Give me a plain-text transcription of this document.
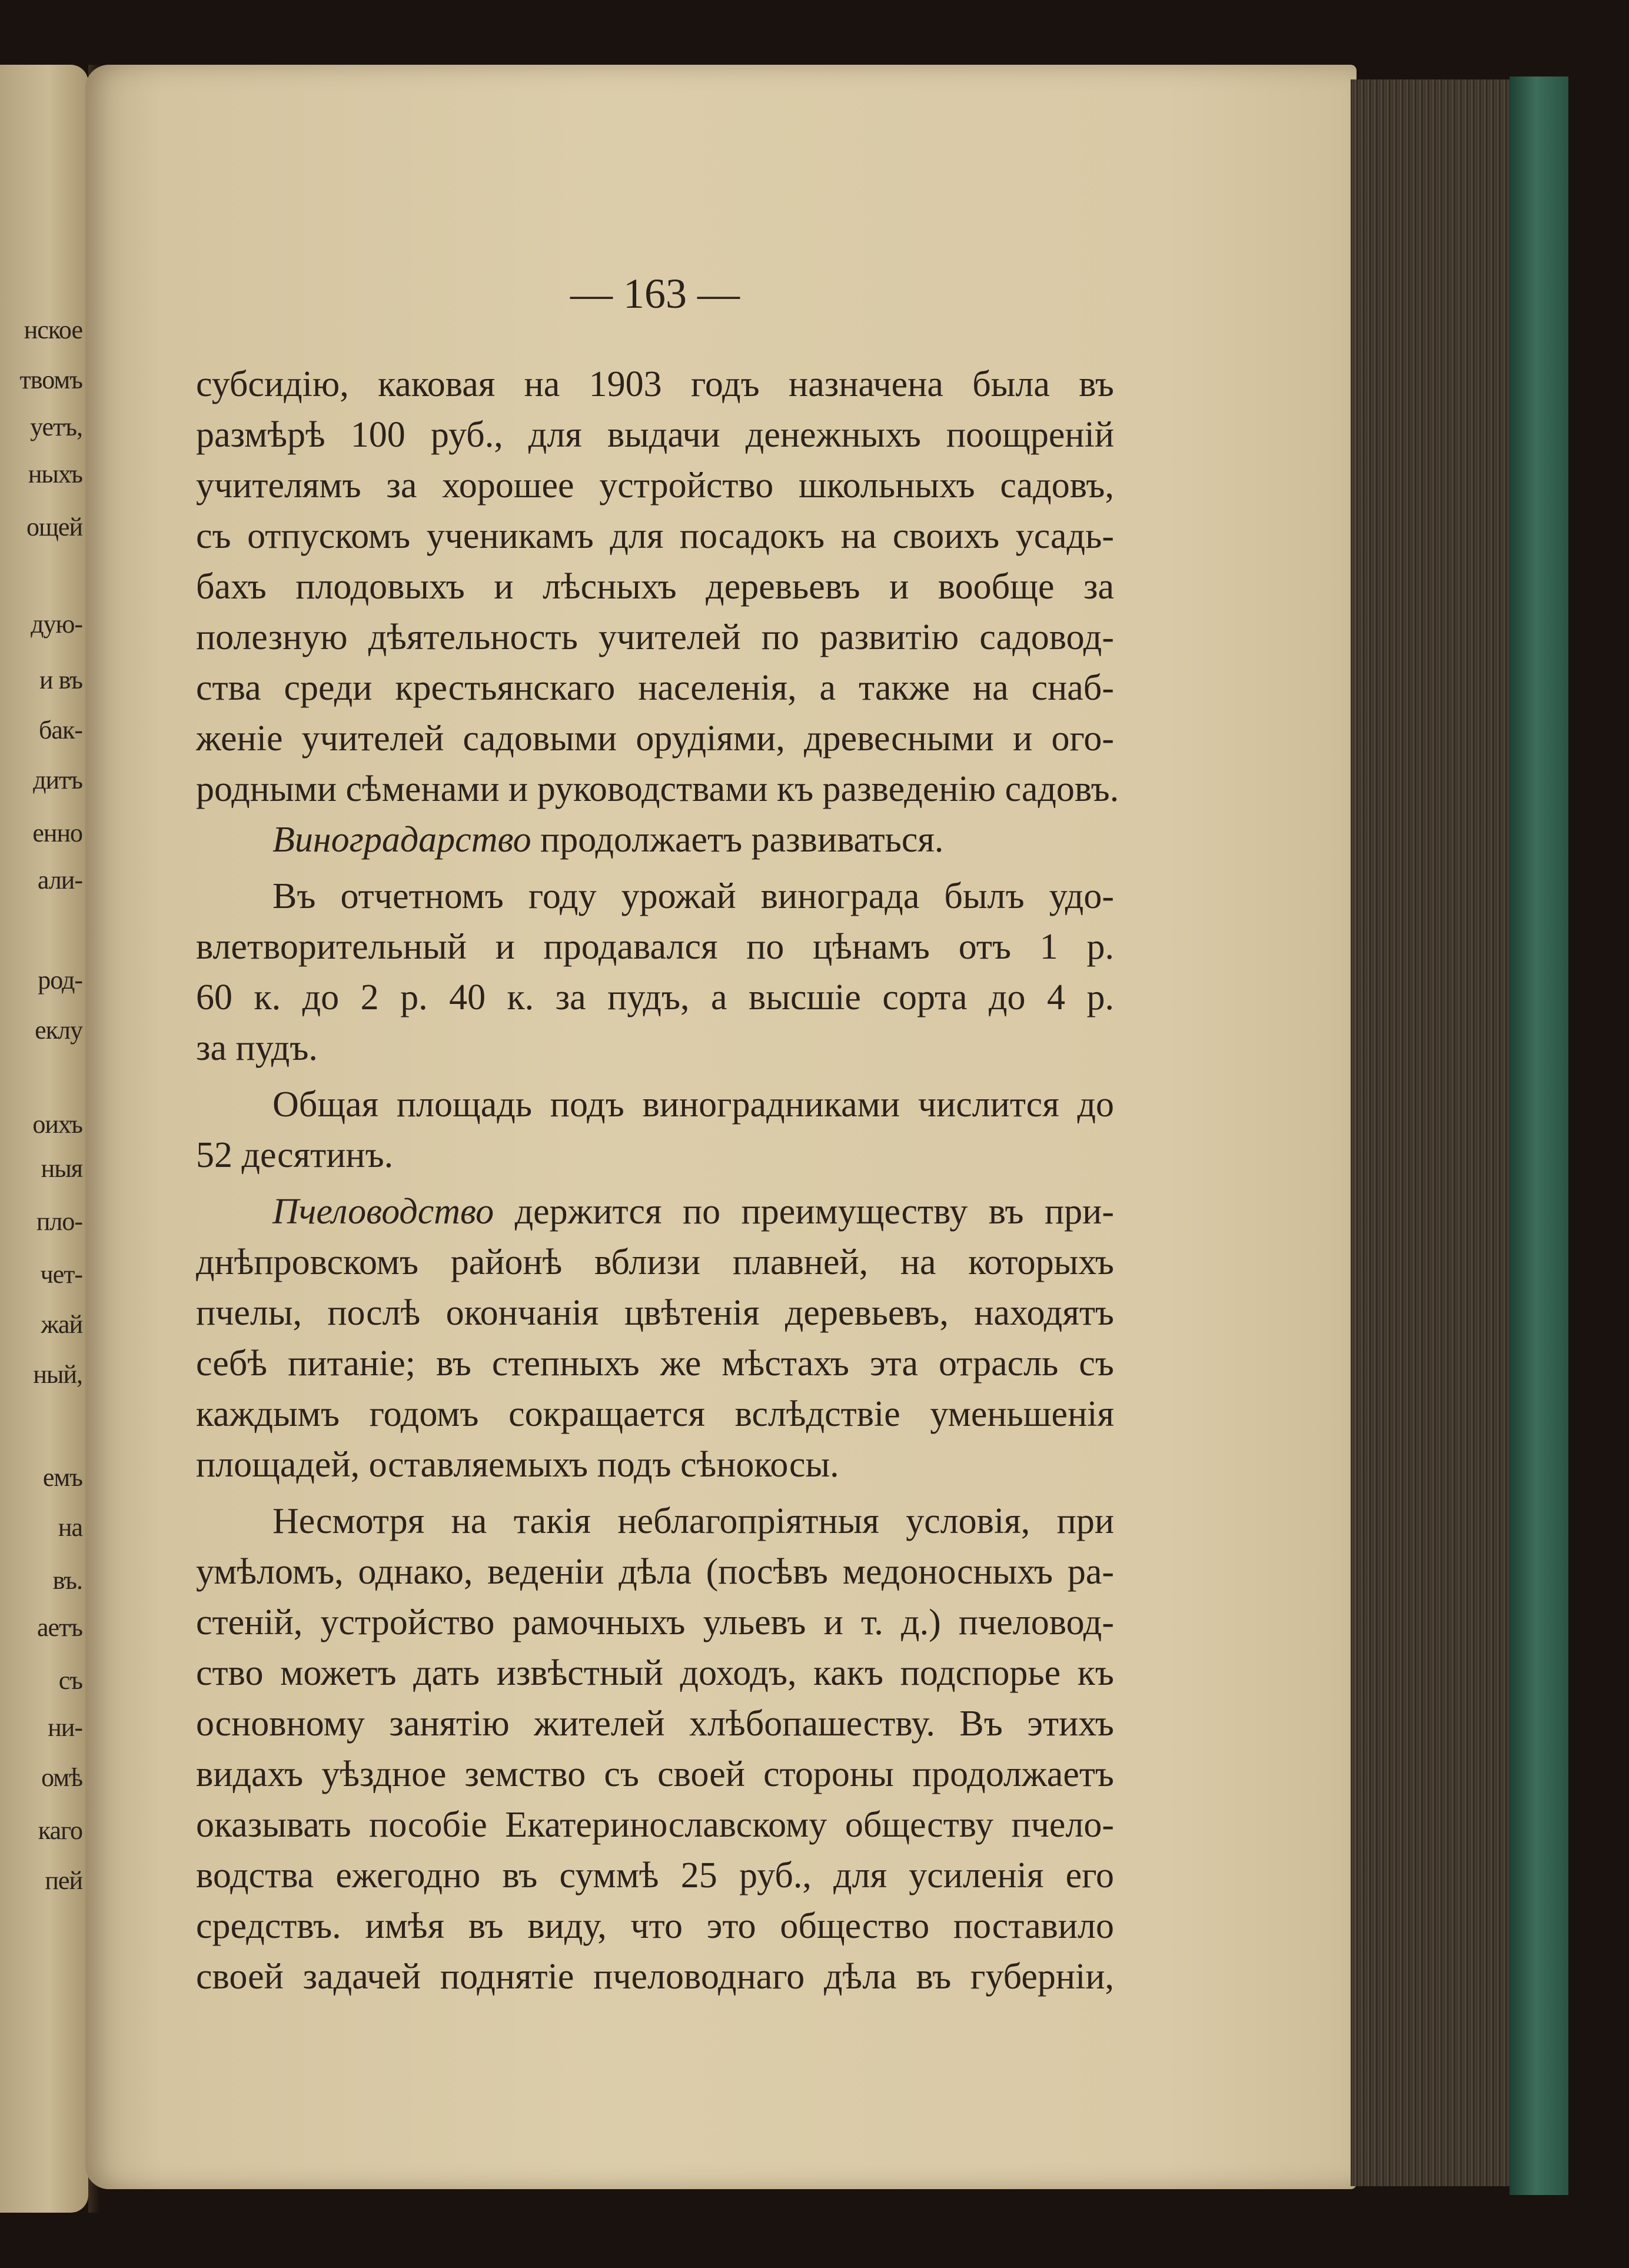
нское
твомъ
уетъ,
ныхъ
ощей
дую-
и въ
бак-
дитъ
енно
али-
род-
еклу
оихъ
ныя
пло-
чет-
жай
ный,
емъ
на
въ.
аетъ
съ
ни-
омѣ
каго
пей
— 163 —
субсидію, каковая на 1903 годъ назначена была въ
размѣрѣ 100 руб., для выдачи денежныхъ поощреній
учителямъ за хорошее устройство школьныхъ садовъ,
съ отпускомъ ученикамъ для посадокъ на своихъ усадь-
бахъ плодовыхъ и лѣсныхъ деревьевъ и вообще за
полезную дѣятельность учителей по развитію садовод-
ства среди крестьянскаго населенія, а также на снаб-
женіе учителей садовыми орудіями, древесными и ого-
родными сѣменами и руководствами къ разведенію садовъ.
Виноградарство продолжаетъ развиваться.
Въ отчетномъ году урожай винограда былъ удо-
влетворительный и продавался по цѣнамъ отъ 1 р.
60 к. до 2 р. 40 к. за пудъ, а высшіе сорта до 4 р.
за пудъ.
Общая площадь подъ виноградниками числится до
52 десятинъ.
Пчеловодство держится по преимуществу въ при-
днѣпровскомъ районѣ вблизи плавней, на которыхъ
пчелы, послѣ окончанія цвѣтенія деревьевъ, находятъ
себѣ питаніе; въ степныхъ же мѣстахъ эта отрасль съ
каждымъ годомъ сокращается вслѣдствіе уменьшенія
площадей, оставляемыхъ подъ сѣнокосы.
Несмотря на такія неблагопріятныя условія, при
умѣломъ, однако, веденіи дѣла (посѣвъ медоносныхъ ра-
стеній, устройство рамочныхъ ульевъ и т. д.) пчеловод-
ство можетъ дать извѣстный доходъ, какъ подспорье къ
основному занятію жителей хлѣбопашеству. Въ этихъ
видахъ уѣздное земство съ своей стороны продолжаетъ
оказывать пособіе Екатеринославскому обществу пчело-
водства ежегодно въ суммѣ 25 руб., для усиленія его
средствъ. имѣя въ виду, что это общество поставило
своей задачей поднятіе пчеловоднаго дѣла въ губерніи,
